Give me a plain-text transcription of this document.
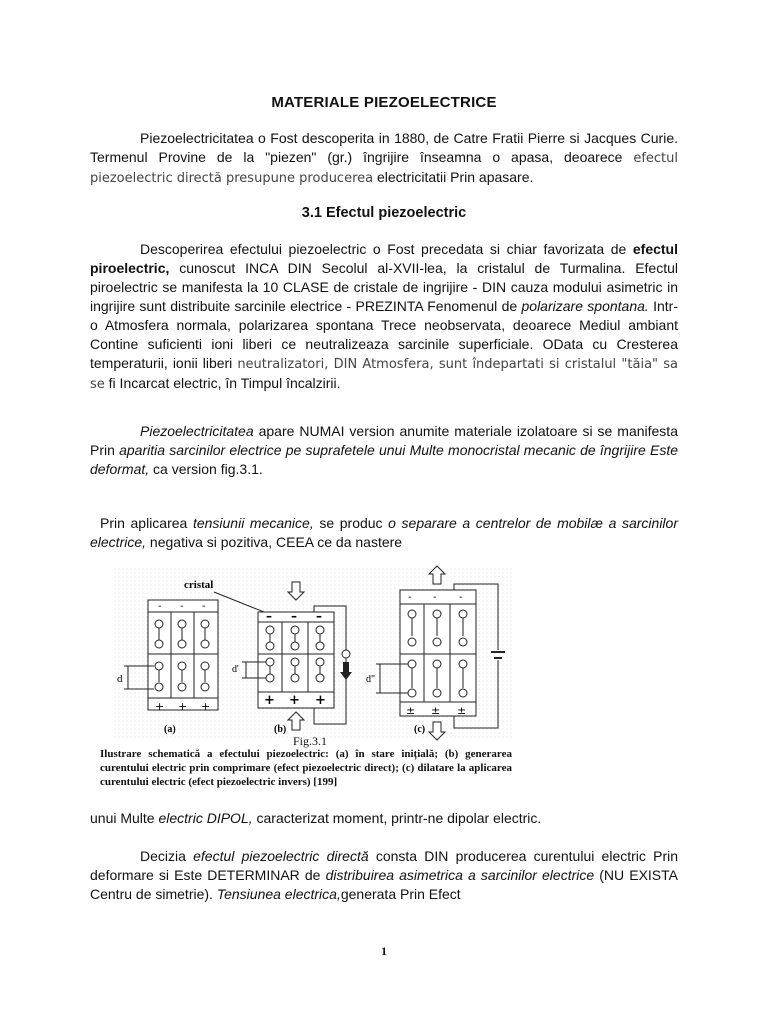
MATERIALE PIEZOELECTRICE
Piezoelectricitatea o Fost descoperita in 1880, de Catre Fratii Pierre si Jacques Curie. Termenul Provine de la "piezen" (gr.) îngrijire înseamna o apasa, deoarece efectul piezoelectric directă presupune producerea electricitatii Prin apasare.
3.1 Efectul piezoelectric
Descoperirea efectului piezoelectric o Fost precedata si chiar favorizata de efectul piroelectric, cunoscut INCA DIN Secolul al-XVII-lea, la cristalul de Turmalina. Efectul piroelectric se manifesta la 10 CLASE de cristale de ingrijire - DIN cauza modului asimetric in ingrijire sunt distribuite sarcinile electrice - PREZINTA Fenomenul de polarizare spontana. Intr-o Atmosfera normala, polarizarea spontana Trece neobservata, deoarece Mediul ambiant Contine suficienti ioni liberi ce neutralizeaza sarcinile superficiale. OData cu Cresterea temperaturii, ionii liberi neutralizatori, DIN Atmosfera, sunt îndepartati si cristalul "tăia" sa se fi Incarcat electric, în Timpul încalzirii.
Piezoelectricitatea apare NUMAI version anumite materiale izolatoare si se manifesta Prin aparitia sarcinilor electrice pe suprafetele unui Multe monocristal mecanic de îngrijire Este deformat, ca version fig.3.1.
Prin aplicarea tensiunii mecanice, se produc o separare a centrelor de mobilæ a sarcinilor electrice, negativa si pozitiva, CEEA ce da nastere
- - -
+ + +
d
(a)
cristal
– – –
+ + +
d'
(b)
- - -
± ± ±
d"
(c)
Fig.3.1
Ilustrare schematică a efectului piezoelectric: (a) în stare inițială; (b) generarea curentului electric prin comprimare (efect piezoelectric direct); (c) dilatare la aplicarea curentului electric (efect piezoelectric invers) [199]
unui Multe electric DIPOL, caracterizat moment, printr-ne dipolar electric.
Decizia efectul piezoelectric directă consta DIN producerea curentului electric Prin deformare si Este DETERMINAR de distribuirea asimetrica a sarcinilor electrice (NU EXISTA Centru de simetrie). Tensiunea electrica,generata Prin Efect
1
